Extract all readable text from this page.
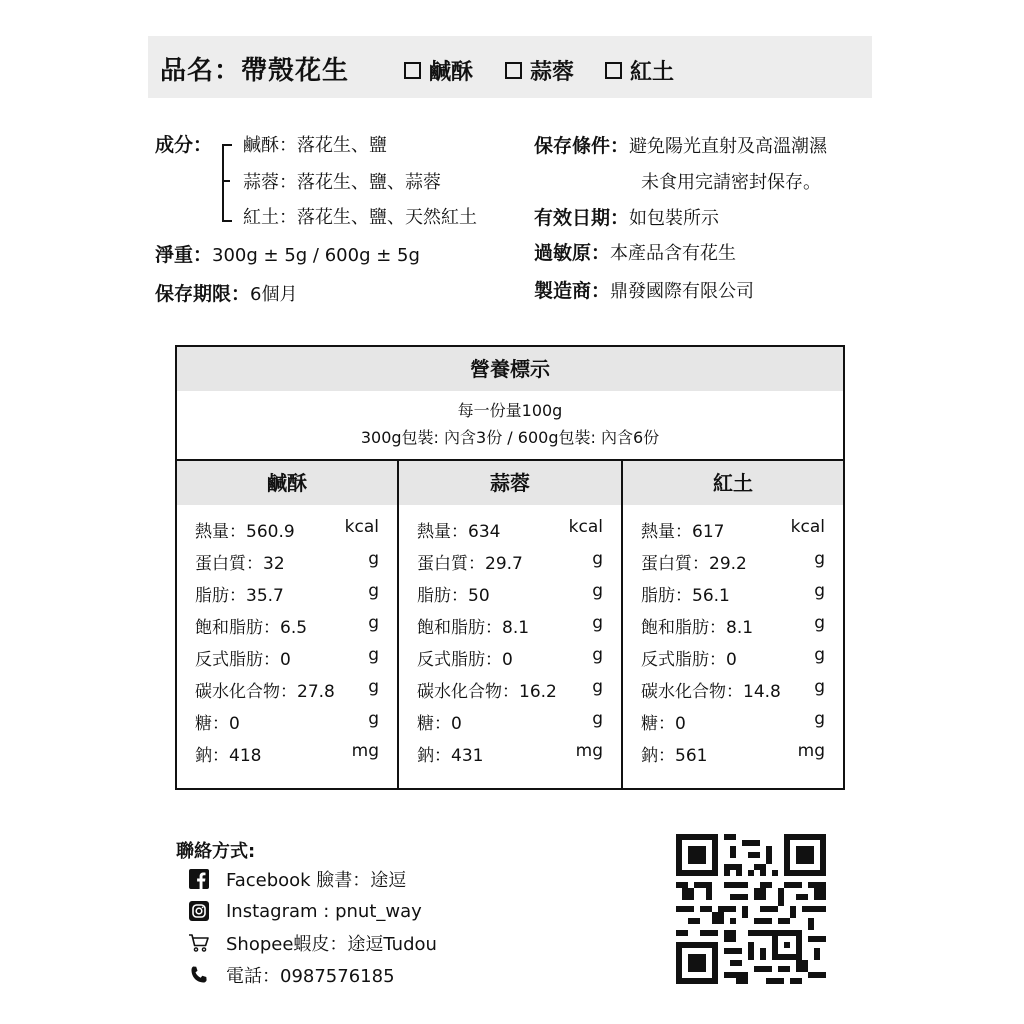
品名：帶殼花生	鹹酥	蒜蓉	紅土
成分： 鹹酥：落花生、鹽
蒜蓉：落花生、鹽、蒜蓉
紅土：落花生、鹽、天然紅土
淨重：300g ± 5g / 600g ± 5g
保存期限：6個月
保存條件：避免陽光直射及高溫潮濕
未食用完請密封保存。
有效日期：如包裝所示
過敏原：本產品含有花生
製造商：鼎發國際有限公司
營養標示
每一份量100g
300g包裝: 內含3份 / 600g包裝: 內含6份
鹹酥
熱量：560.9	kcal
蛋白質：32	g
脂肪：35.7	g
飽和脂肪：6.5	g
反式脂肪：0	g
碳水化合物：27.8 g
糖：0	g
鈉：418	mg
蒜蓉
熱量：634	kcal
蛋白質：29.7	g
脂肪：50	g
飽和脂肪：8.1	g
反式脂肪：0	g
碳水化合物：16.2 g
糖：0	g
鈉：431	mg
紅土
熱量：617	kcal
蛋白質：29.2	g
脂肪：56.1	g
飽和脂肪：8.1	g
反式脂肪：0	g
碳水化合物：14.8 g
糖：0	g
鈉：561	mg
聯絡方式:
Facebook 臉書：途逗
Instagram : pnut_way
Shopee蝦皮：途逗Tudou
電話：0987576185
